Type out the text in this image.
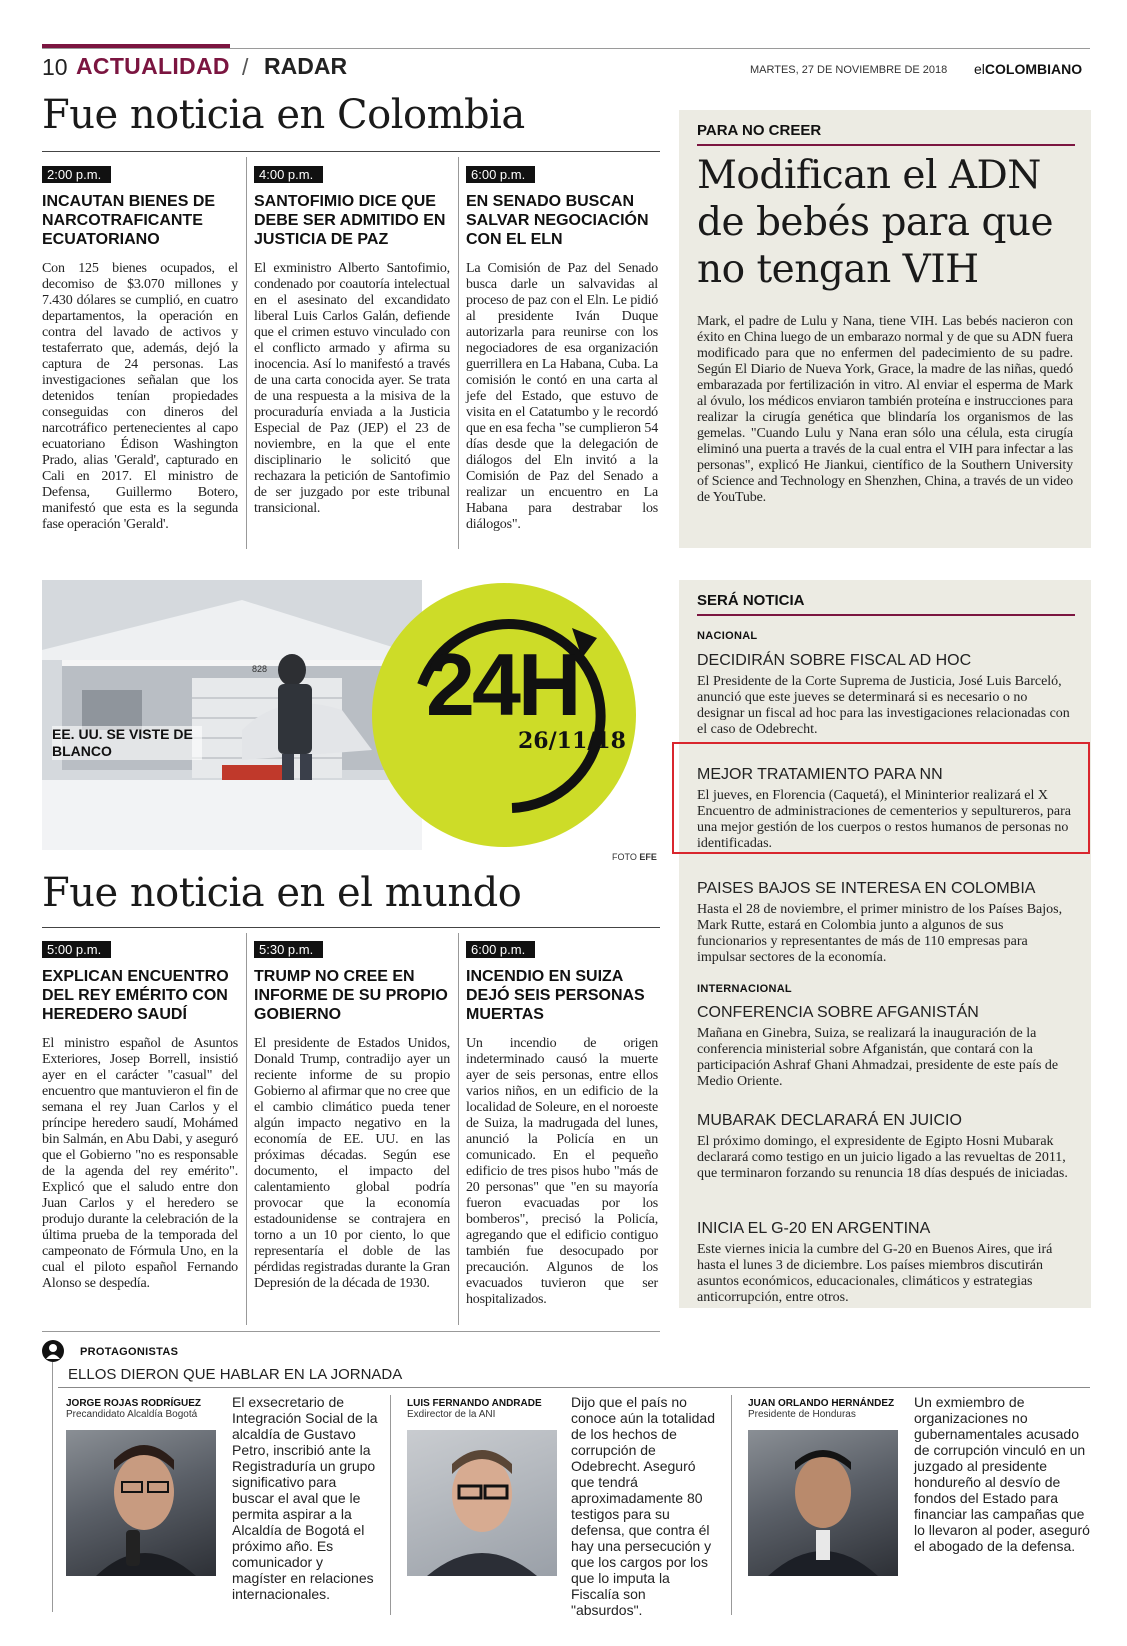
10 ACTUALIDAD / RADAR	MARTES, 27 DE NOVIEMBRE DE 2018 elCOLOMBIANO
Fue noticia en Colombia
2:00 p.m.
INCAUTAN BIENES DE NARCOTRAFICANTE ECUATORIANO
Con 125 bienes ocupados, el decomiso de $3.070 millones y 7.430 dólares se cumplió, en cuatro departamentos, la operación en contra del lavado de activos y testaferrato que, además, dejó la captura de 24 personas. Las investigaciones señalan que los detenidos tenían propiedades conseguidas con dineros del narcotráfico pertenecientes al capo ecuatoriano Édison Washington Prado, alias 'Gerald', capturado en Cali en 2017. El ministro de Defensa, Guillermo Botero, manifestó que esta es la segunda fase operación 'Gerald'.
4:00 p.m.
SANTOFIMIO DICE QUE DEBE SER ADMITIDO EN JUSTICIA DE PAZ
El exministro Alberto Santofimio, condenado por coautoría intelectual en el asesinato del excandidato liberal Luis Carlos Galán, defiende que el crimen estuvo vinculado con el conflicto armado y afirma su inocencia. Así lo manifestó a través de una carta conocida ayer. Se trata de una respuesta a la misiva de la procuraduría enviada a la Justicia Especial de Paz (JEP) el 23 de noviembre, en la que el ente disciplinario le solicitó que rechazara la petición de Santofimio de ser juzgado por este tribunal transicional.
6:00 p.m.
EN SENADO BUSCAN SALVAR NEGOCIACIÓN CON EL ELN
La Comisión de Paz del Senado busca darle un salvavidas al proceso de paz con el Eln. Le pidió al presidente Iván Duque autorizarla para reunirse con los negociadores de esa organización guerrillera en La Habana, Cuba. La comisión le contó en una carta al jefe del Estado, que estuvo de visita en el Catatumbo y le recordó que en esa fecha "se cumplieron 54 días desde que la delegación de diálogos del Eln invitó a la Comisión de Paz del Senado a realizar un encuentro en La Habana para destrabar los diálogos".
PARA NO CREER
Modifican el ADN de bebés para que no tengan VIH
Mark, el padre de Lulu y Nana, tiene VIH. Las bebés nacieron con éxito en China luego de un embarazo normal y de que su ADN fuera modificado para que no enfermen del padecimiento de su padre. Según El Diario de Nueva York, Grace, la madre de las niñas, quedó embarazada por fertilización in vitro. Al enviar el esperma de Mark al óvulo, los médicos enviaron también proteína e instrucciones para realizar la cirugía genética que blindaría los organismos de las gemelas. "Cuando Lulu y Nana eran sólo una célula, esta cirugía eliminó una puerta a través de la cual entra el VIH para infectar a las personas", explicó He Jiankui, científico de la Southern University of Science and Technology en Shenzhen, China, a través de un video de YouTube.
828 24H
26/11/18
EE. UU. SE VISTE DE BLANCO
FOTO EFE
SERÁ NOTICIA
NACIONAL
DECIDIRÁN SOBRE FISCAL AD HOC
El Presidente de la Corte Suprema de Justicia, José Luis Barceló, anunció que este jueves se determinará si es necesario o no designar un fiscal ad hoc para las investigaciones relacionadas con el caso de Odebrecht.
MEJOR TRATAMIENTO PARA NN
El jueves, en Florencia (Caquetá), el Mininterior realizará el X Encuentro de administraciones de cementerios y sepultureros, para una mejor gestión de los cuerpos o restos humanos de personas no identificadas.
PAISES BAJOS SE INTERESA EN COLOMBIA
Hasta el 28 de noviembre, el primer ministro de los Países Bajos, Mark Rutte, estará en Colombia junto a algunos de sus funcionarios y representantes de más de 110 empresas para impulsar sectores de la economía.
INTERNACIONAL
CONFERENCIA SOBRE AFGANISTÁN
Mañana en Ginebra, Suiza, se realizará la inauguración de la conferencia ministerial sobre Afganistán, que contará con la participación Ashraf Ghani Ahmadzai, presidente de este país de Medio Oriente.
MUBARAK DECLARARÁ EN JUICIO
El próximo domingo, el expresidente de Egipto Hosni Mubarak declarará como testigo en un juicio ligado a las revueltas de 2011, que terminaron forzando su renuncia 18 días después de iniciadas.
INICIA EL G-20 EN ARGENTINA
Este viernes inicia la cumbre del G-20 en Buenos Aires, que irá hasta el lunes 3 de diciembre. Los países miembros discutirán asuntos económicos, educacionales, climáticos y estrategias anticorrupción, entre otros.
Fue noticia en el mundo
5:00 p.m.
EXPLICAN ENCUENTRO DEL REY EMÉRITO CON HEREDERO SAUDÍ
El ministro español de Asuntos Exteriores, Josep Borrell, insistió ayer en el carácter "casual" del encuentro que mantuvieron el fin de semana el rey Juan Carlos y el príncipe heredero saudí, Mohámed bin Salmán, en Abu Dabi, y aseguró que el Gobierno "no es responsable de la agenda del rey emérito". Explicó que el saludo entre don Juan Carlos y el heredero se produjo durante la celebración de la última prueba de la temporada del campeonato de Fórmula Uno, en la cual el piloto español Fernando Alonso se despedía.
5:30 p.m.
TRUMP NO CREE EN INFORME DE SU PROPIO GOBIERNO
El presidente de Estados Unidos, Donald Trump, contradijo ayer un reciente informe de su propio Gobierno al afirmar que no cree que el cambio climático pueda tener algún impacto negativo en la economía de EE. UU. en las próximas décadas. Según ese documento, el impacto del calentamiento global podría provocar que la economía estadounidense se contrajera en torno a un 10 por ciento, lo que representaría el doble de las pérdidas registradas durante la Gran Depresión de la década de 1930.
6:00 p.m.
INCENDIO EN SUIZA DEJÓ SEIS PERSONAS MUERTAS
Un incendio de origen indeterminado causó la muerte ayer de seis personas, entre ellos varios niños, en un edificio de la localidad de Soleure, en el noroeste de Suiza, la madrugada del lunes, anunció la Policía en un comunicado. En el pequeño edificio de tres pisos hubo "más de 20 personas" que "en su mayoría fueron evacuadas por los bomberos", precisó la Policía, agregando que el edificio contiguo también fue desocupado por precaución. Algunos de los evacuados tuvieron que ser hospitalizados.
PROTAGONISTAS
ELLOS DIERON QUE HABLAR EN LA JORNADA
JORGE ROJAS RODRÍGUEZ
Precandidato Alcaldía Bogotá
El exsecretario de Integración Social de la alcaldía de Gustavo Petro, inscribió ante la Registraduría un grupo significativo para buscar el aval que le permita aspirar a la Alcaldía de Bogotá el próximo año. Es comunicador y magíster en relaciones internacionales.
LUIS FERNANDO ANDRADE
Exdirector de la ANI
Dijo que el país no conoce aún la totalidad de los hechos de corrupción de Odebrecht. Aseguró que tendrá aproximadamente 80 testigos para su defensa, que contra él hay una persecución y que los cargos por los que lo imputa la Fiscalía son "absurdos".
JUAN ORLANDO HERNÁNDEZ
Presidente de Honduras
Un exmiembro de organizaciones no gubernamentales acusado de corrupción vinculó en un juzgado al presidente hondureño al desvío de fondos del Estado para financiar las campañas que lo llevaron al poder, aseguró el abogado de la defensa.
